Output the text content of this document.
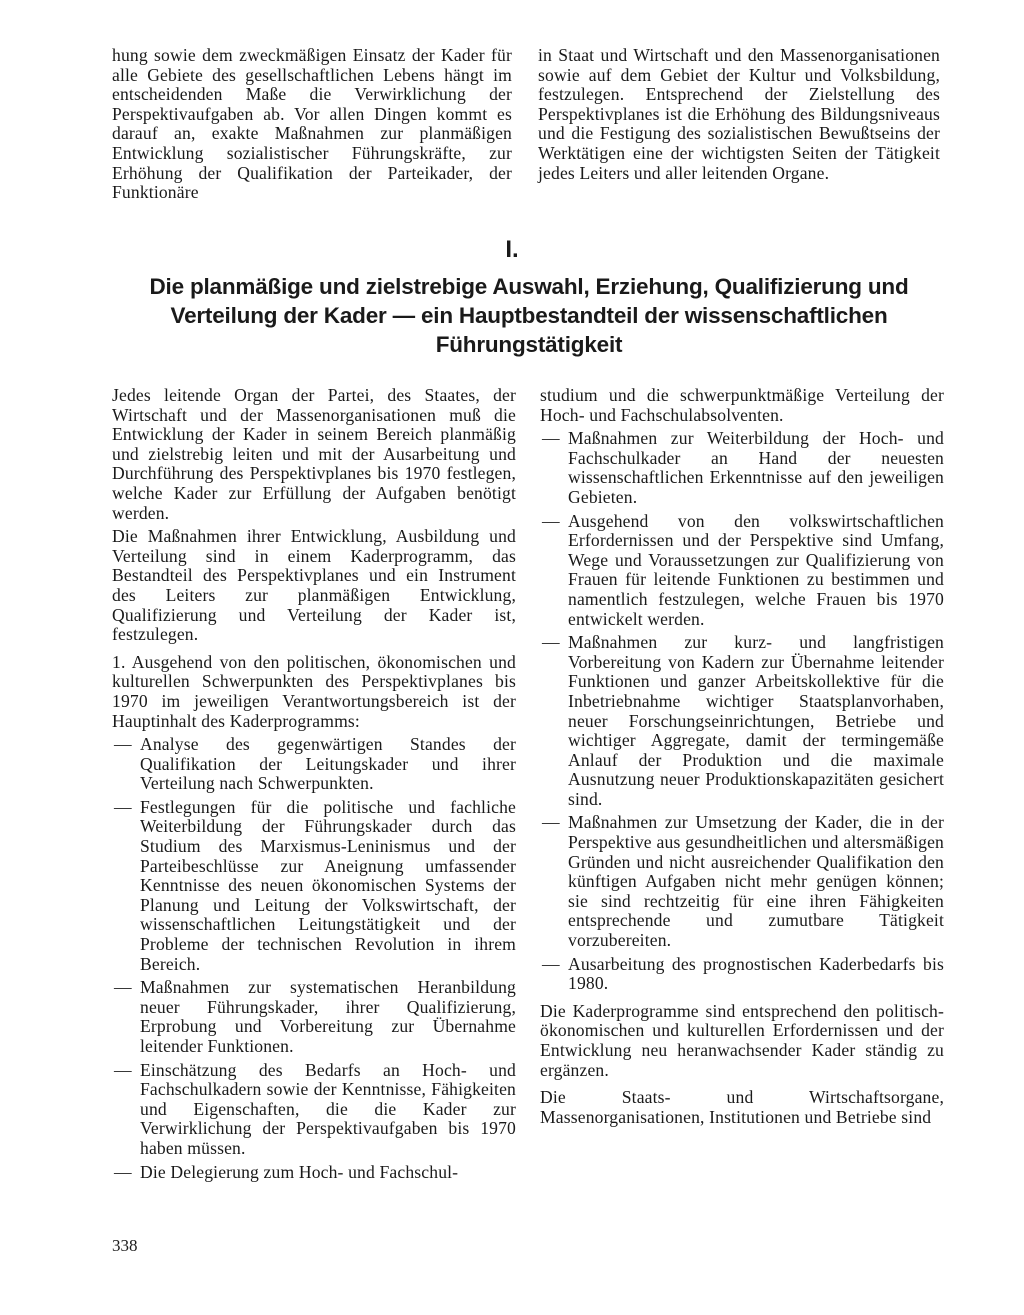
hung sowie dem zweckmäßigen Einsatz der Kader für alle Gebiete des gesellschaftlichen Lebens hängt im entscheidenden Maße die Verwirklichung der Perspektivaufgaben ab. Vor allen Dingen kommt es darauf an, exakte Maßnahmen zur planmäßigen Entwicklung sozialistischer Führungskräfte, zur Erhöhung der Qualifikation der Parteikader, der Funktionäre

in Staat und Wirtschaft und den Massenorganisationen sowie auf dem Gebiet der Kultur und Volksbildung, festzulegen. Entsprechend der Zielstellung des Perspektivplanes ist die Erhöhung des Bildungsniveaus und die Festigung des sozialistischen Bewußtseins der Werktätigen eine der wichtigsten Seiten der Tätigkeit jedes Leiters und aller leitenden Organe.

I.
Die planmäßige und zielstrebige Auswahl, Erziehung, Qualifizierung und Verteilung der Kader — ein Hauptbestandteil der wissenschaftlichen Führungstätigkeit

Jedes leitende Organ der Partei, des Staates, der Wirtschaft und der Massenorganisationen muß die Entwicklung der Kader in seinem Bereich planmäßig und zielstrebig leiten und mit der Ausarbeitung und Durchführung des Perspektivplanes bis 1970 festlegen, welche Kader zur Erfüllung der Aufgaben benötigt werden.

Die Maßnahmen ihrer Entwicklung, Ausbildung und Verteilung sind in einem Kaderprogramm, das Bestandteil des Perspektivplanes und ein Instrument des Leiters zur planmäßigen Entwicklung, Qualifizierung und Verteilung der Kader ist, festzulegen.

1. Ausgehend von den politischen, ökonomischen und kulturellen Schwerpunkten des Perspektivplanes bis 1970 im jeweiligen Verantwortungsbereich ist der Hauptinhalt des Kaderprogramms:

— Analyse des gegenwärtigen Standes der Qualifikation der Leitungskader und ihrer Verteilung nach Schwerpunkten.
— Festlegungen für die politische und fachliche Weiterbildung der Führungskader durch das Studium des Marxismus-Leninismus und der Parteibeschlüsse zur Aneignung umfassender Kenntnisse des neuen ökonomischen Systems der Planung und Leitung der Volkswirtschaft, der wissenschaftlichen Leitungstätigkeit und der Probleme der technischen Revolution in ihrem Bereich.
— Maßnahmen zur systematischen Heranbildung neuer Führungskader, ihrer Qualifizierung, Erprobung und Vorbereitung zur Übernahme leitender Funktionen.
— Einschätzung des Bedarfs an Hoch- und Fachschulkadern sowie der Kenntnisse, Fähigkeiten und Eigenschaften, die die Kader zur Verwirklichung der Perspektivaufgaben bis 1970 haben müssen.
— Die Delegierung zum Hoch- und Fachschul-

studium und die schwerpunktmäßige Verteilung der Hoch- und Fachschulabsolventen.

— Maßnahmen zur Weiterbildung der Hoch- und Fachschulkader an Hand der neuesten wissenschaftlichen Erkenntnisse auf den jeweiligen Gebieten.
— Ausgehend von den volkswirtschaftlichen Erfordernissen und der Perspektive sind Umfang, Wege und Voraussetzungen zur Qualifizierung von Frauen für leitende Funktionen zu bestimmen und namentlich festzulegen, welche Frauen bis 1970 entwickelt werden.
— Maßnahmen zur kurz- und langfristigen Vorbereitung von Kadern zur Übernahme leitender Funktionen und ganzer Arbeitskollektive für die Inbetriebnahme wichtiger Staatsplanvorhaben, neuer Forschungseinrichtungen, Betriebe und wichtiger Aggregate, damit der termingemäße Anlauf der Produktion und die maximale Ausnutzung neuer Produktionskapazitäten gesichert sind.
— Maßnahmen zur Umsetzung der Kader, die in der Perspektive aus gesundheitlichen und altersmäßigen Gründen und nicht ausreichender Qualifikation den künftigen Aufgaben nicht mehr genügen können; sie sind rechtzeitig für eine ihren Fähigkeiten entsprechende und zumutbare Tätigkeit vorzubereiten.
— Ausarbeitung des prognostischen Kaderbedarfs bis 1980.

Die Kaderprogramme sind entsprechend den politisch-ökonomischen und kulturellen Erfordernissen und der Entwicklung neu heranwachsender Kader ständig zu ergänzen.

Die Staats- und Wirtschaftsorgane, Massenorganisationen, Institutionen und Betriebe sind

338
